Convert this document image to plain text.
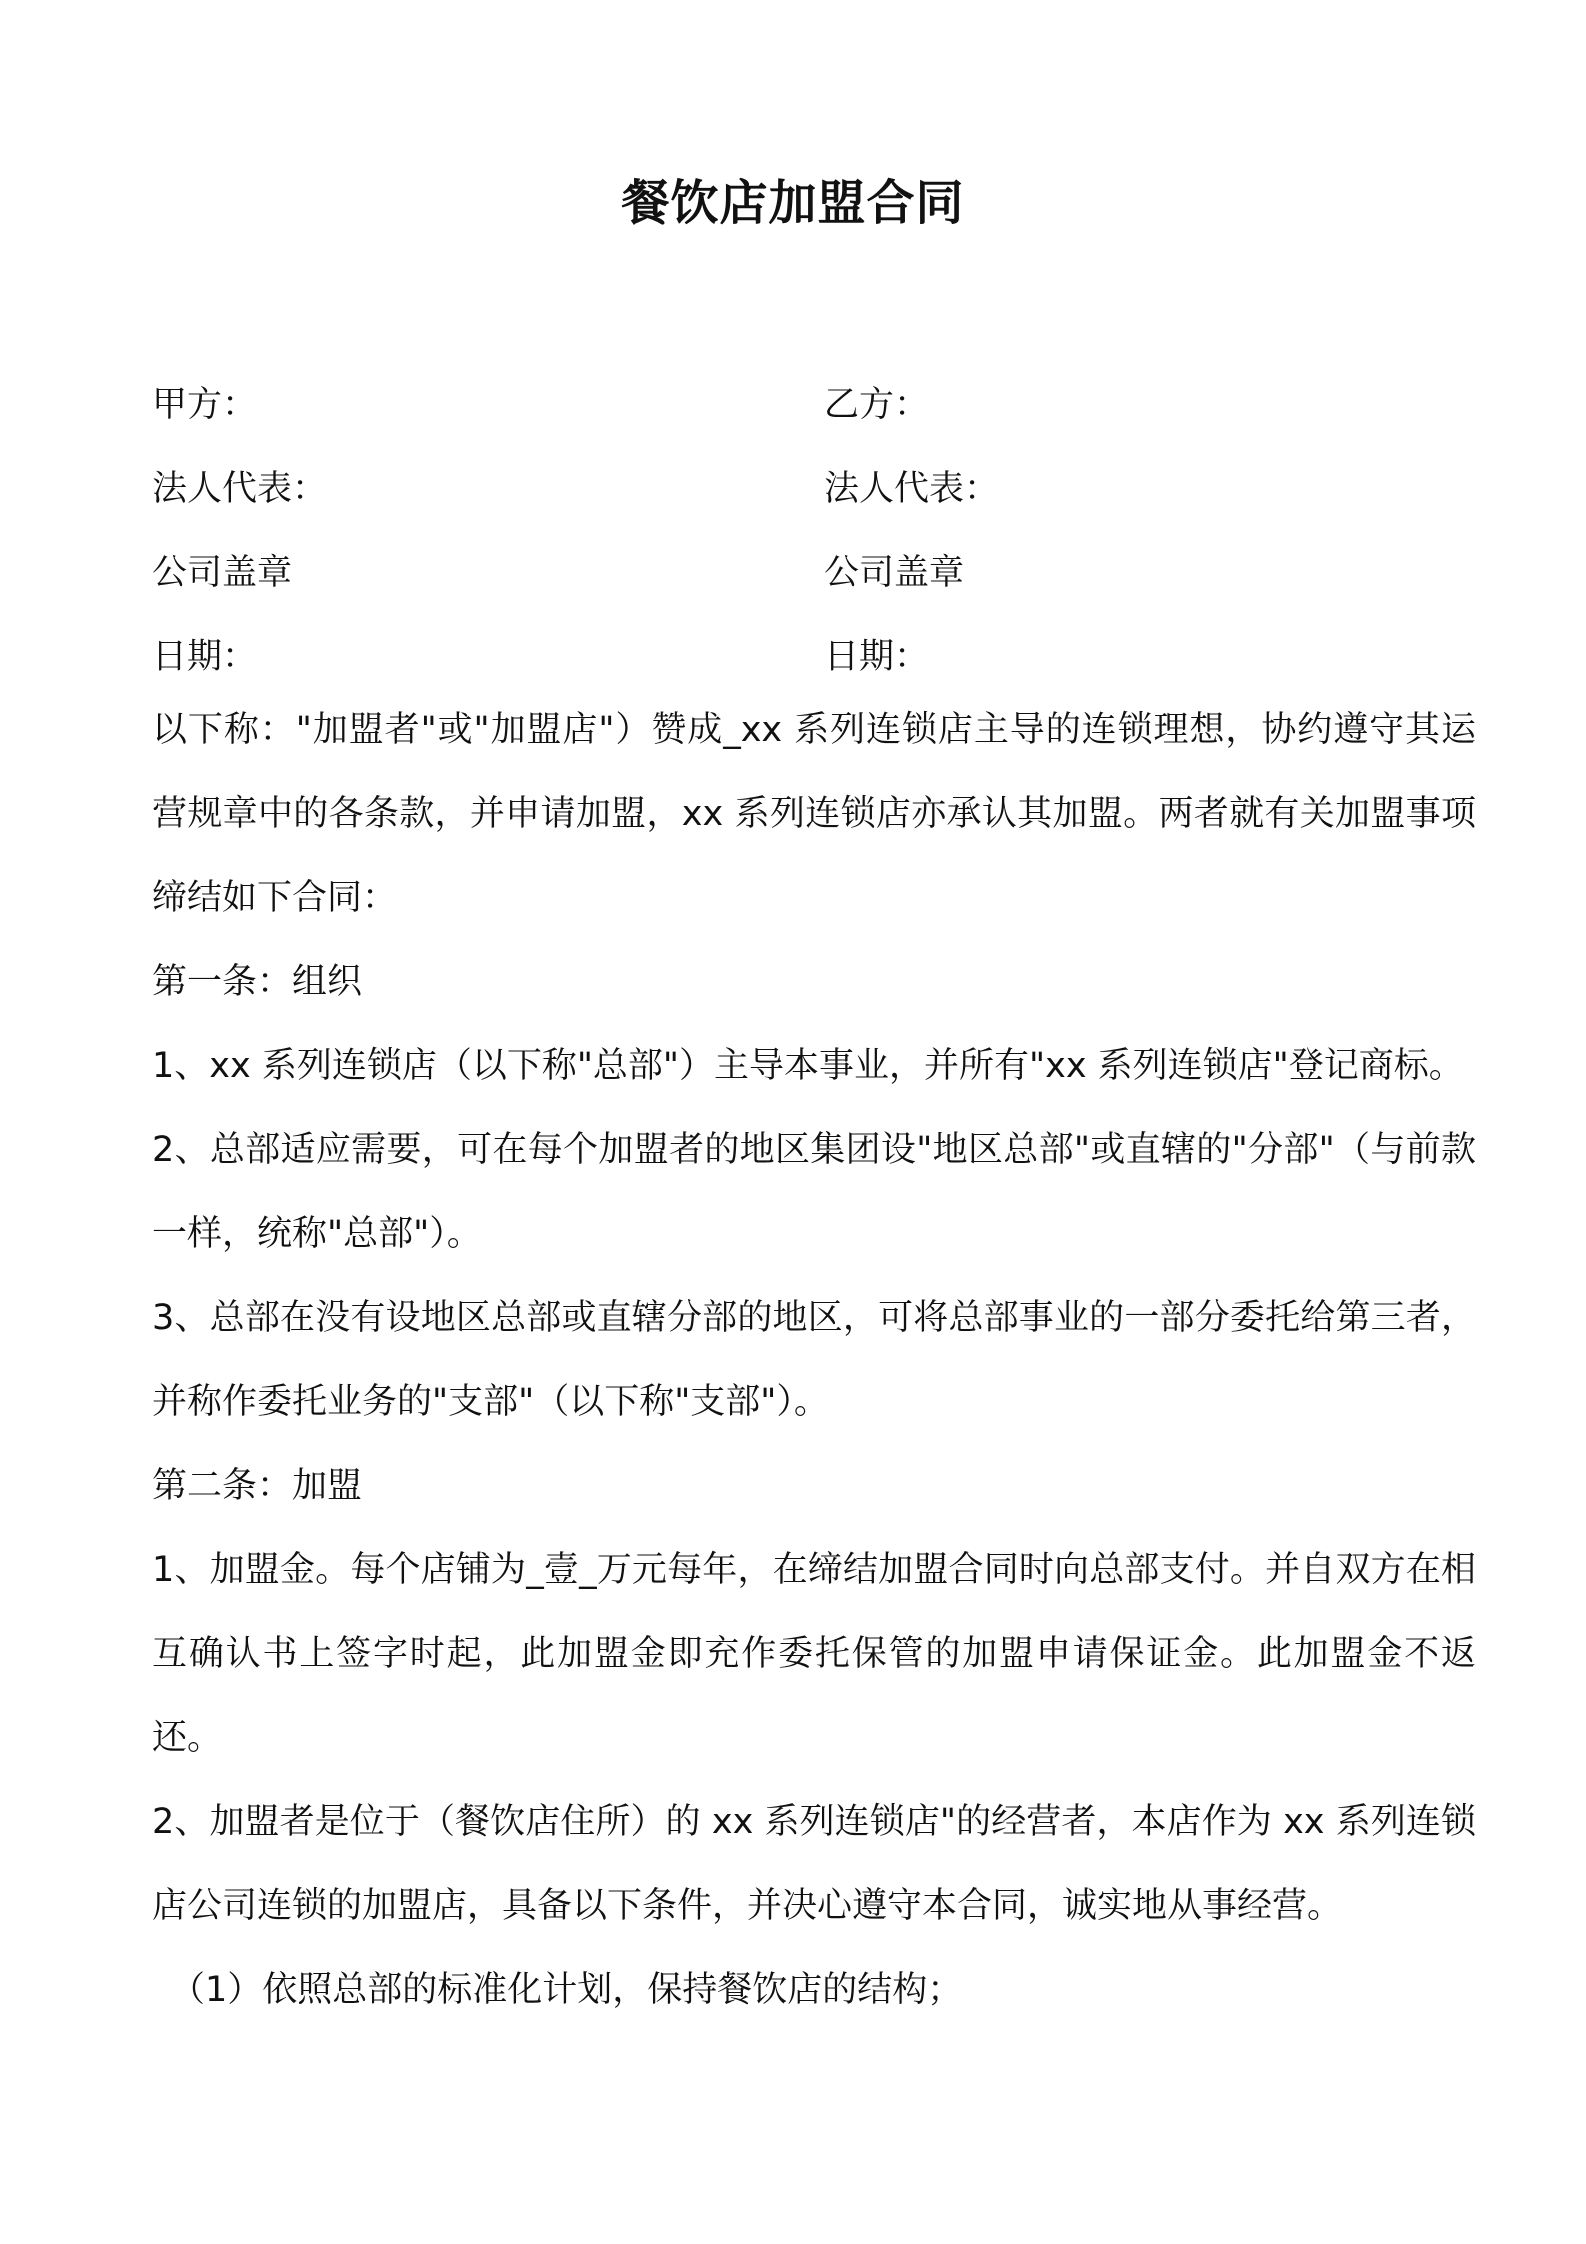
餐饮店加盟合同
甲方：	乙方：
法人代表：	法人代表：
公司盖章	公司盖章
日期：	日期：

以下称："加盟者"或"加盟店"）赞成_xx 系列连锁店主导的连锁理想，协约遵守其运营规章中的各条款，并申请加盟，xx 系列连锁店亦承认其加盟。两者就有关加盟事项缔结如下合同：

第一条：组织

1、xx 系列连锁店（以下称"总部"）主导本事业，并所有"xx 系列连锁店"登记商标。

2、总部适应需要，可在每个加盟者的地区集团设"地区总部"或直辖的"分部"（与前款一样，统称"总部"）。

3、总部在没有设地区总部或直辖分部的地区，可将总部事业的一部分委托给第三者，并称作委托业务的"支部"（以下称"支部"）。

第二条：加盟

1、加盟金。每个店铺为_壹_万元每年，在缔结加盟合同时向总部支付。并自双方在相互确认书上签字时起，此加盟金即充作委托保管的加盟申请保证金。此加盟金不返还。

2、加盟者是位于（餐饮店住所）的 xx 系列连锁店"的经营者，本店作为 xx 系列连锁店公司连锁的加盟店，具备以下条件，并决心遵守本合同，诚实地从事经营。

（1）依照总部的标准化计划，保持餐饮店的结构；
